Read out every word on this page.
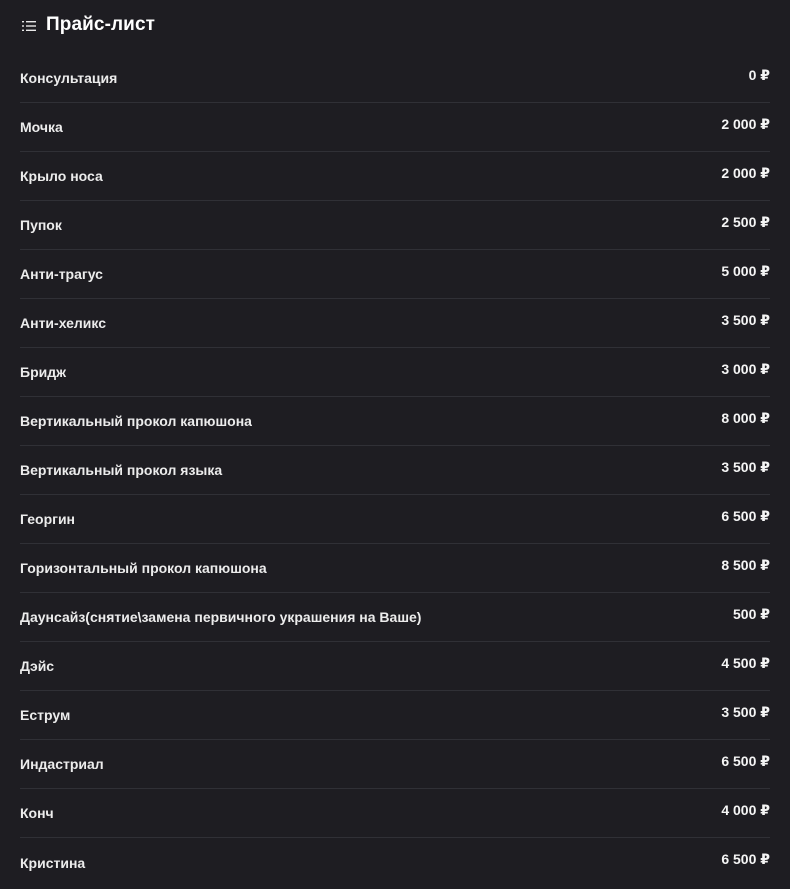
Прайс-лист
Консультация	0 ₽
Мочка	2 000 ₽
Крыло носа	2 000 ₽
Пупок	2 500 ₽
Анти-трагус	5 000 ₽
Анти-хеликс	3 500 ₽
Бридж	3 000 ₽
Вертикальный прокол капюшона	8 000 ₽
Вертикальный прокол языка	3 500 ₽
Георгин	6 500 ₽
Горизонтальный прокол капюшона	8 500 ₽
Даунсайз(снятие\замена первичного украшения на Ваше)	500 ₽
Дэйс	4 500 ₽
Еструм	3 500 ₽
Индастриал	6 500 ₽
Конч	4 000 ₽
Кристина	6 500 ₽
